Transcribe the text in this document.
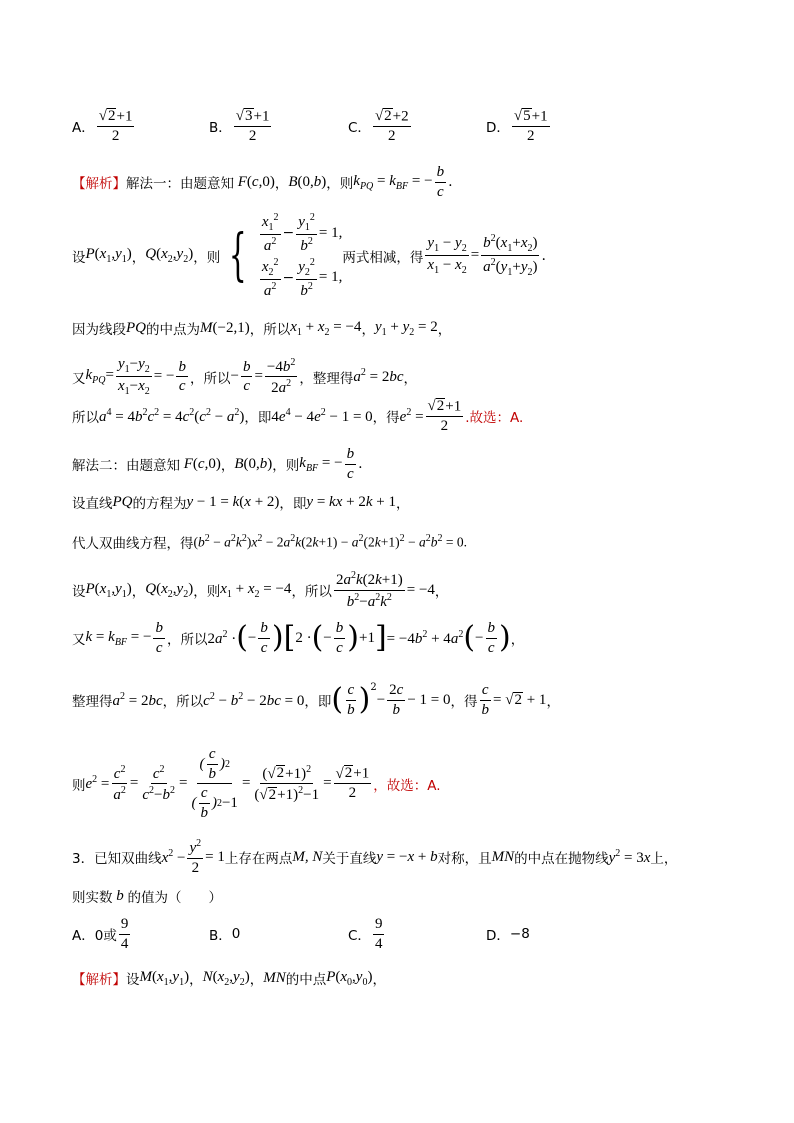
A． $\frac{√ 2 +1}{2}$	B． $\frac{√ 3 +1}{2}$	C． $\frac{√ 2 +2}{2}$	D． $\frac{√ 5 +1}{2}$
【解析】 解法一：由题意知 F(c,0) ， B(0,b) ，则 $k_{PQ} = k_{BF}$ = − $\frac{b}{c}$ .
设 $P(x_1,y_1)$ ， $Q(x_2,y_2)$ ，则 { $\frac{x_1^2}{a^2} - \frac{y_1^2}{b^2} = 1$,
$\frac{x_2^2}{a^2} - \frac{y_2^2}{b^2} = 1$,
两式相减，得 $\frac{y_1 - y_2}{x_1 - x_2} = \frac{b^2(x_1+x_2)}{a^2(y_1+y_2)}$ .
因为线段 PQ 的中点为 M(−2,1) ，所以 $x_1 + x_2 = -4$ ， $y_1 + y_2 = 2$ ，
又 $k_{PQ}= \frac{y_1-y_2}{x_1-x_2}$ = − $\frac{b}{c}$ ，所以 − $\frac{b}{c} = \frac{-4b^2}{2a^2}$ ，整理得 $a^2 = 2bc$ ，
所以 $a^4 = 4b^2c^2 = 4c^2(c^2 - a^2)$ ，即 $4e^4 - 4e^2 - 1 = 0$ ，得 $e^2 = \frac{√ 2 +1}{2}$ .故选：A.
解法二：由题意知 F(c,0) ， B(0,b) ，则 $k_{BF}$ = − $\frac{b}{c}$ .
设直线 PQ 的方程为 y − 1 = k(x + 2) ，即 y = kx + 2k + 1 ，
代人双曲线方程，得 $(b^2 - a^2k^2)x^2 - 2a^2k(2k+1) - a^2(2k+1)^2 - a^2b^2 = 0$.
设 $P(x_1,y_1)$ ， $Q(x_2,y_2)$ ，则 $x_1 + x_2 = -4$ ，所以 $\frac{2a^2k(2k+1)}{b^2-a^2k^2} = -4$ ，
又 $k = k_{BF}$ = − $\frac{b}{c}$ ，所以 $2a^2$ · ( − $\frac{b}{c}$ ) [ 2 · ( − $\frac{b}{c}$ ) +1 ] = $-4b^2 + 4a^2$ ( − $\frac{b}{c}$ ) ，
整理得 $a^2 = 2bc$ ，所以 $c^2 - b^2 - 2bc = 0$ ，即 ( $\frac{c}{b} )^2$
− $\frac{2c}{b} - 1 = 0$ ，得 $\frac{c}{b}$ = √ 2 + 1 ，
则 $e^2 = \frac{c^2}{a^2} = \frac{c^2}{c^2-b^2} = \frac{( \frac{c}{b} ) 2}{( \frac{c}{b} ) 2 -1} = \frac{( √ 2 +1)^2}{( √ 2 +1)^2-1} = \frac{√ 2 +1}{2}$ ，故选：A.
3． 已知双曲线 $x^2 - \frac{y^2}{2} = 1$ 上存在两点 M, N 关于直线 y = −x + b 对称，且 MN 的中点在抛物线 $y^2 = 3x$ 上，
则实数 b 的值为（　　）
A． 0或 $\frac{9}{4}$	B． 0	C． $\frac{9}{4}$	D． −8
【解析】 设 $M(x_1,y_1)$ ， $N(x_2,y_2)$ ， MN 的中点 $P(x_0,y_0)$ ，
